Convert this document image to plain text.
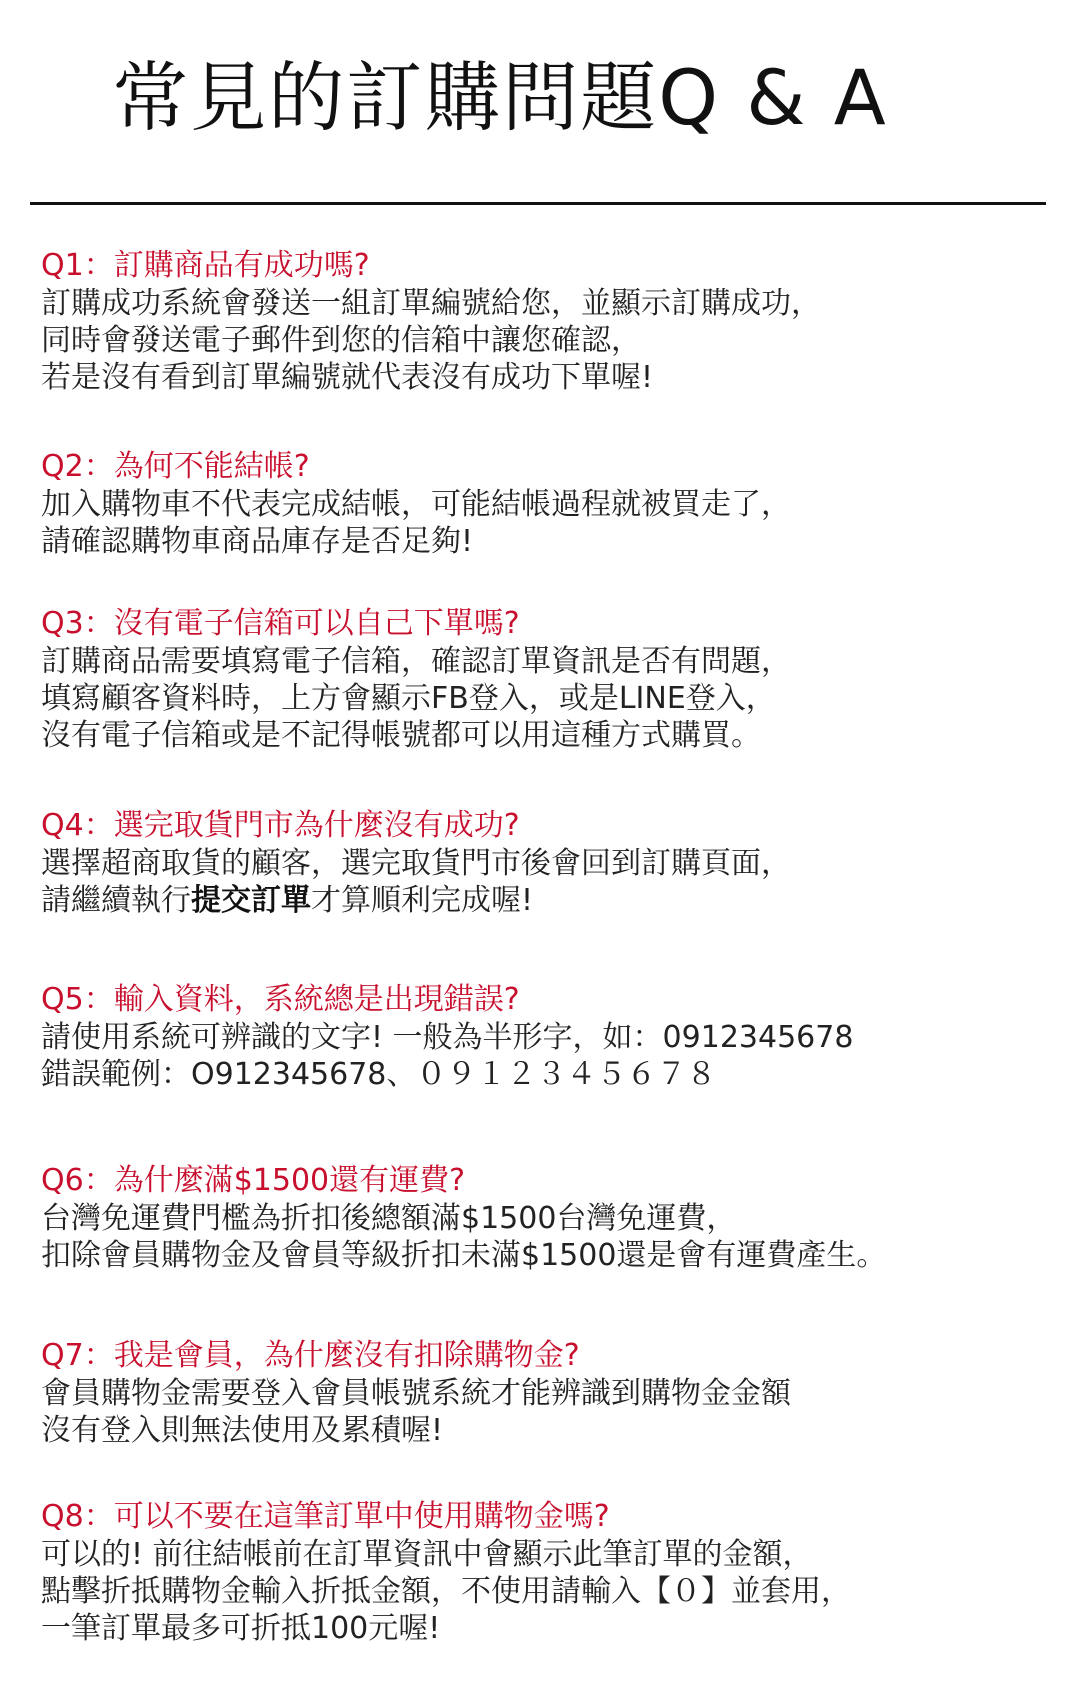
常見的訂購問題Q & A
Q1：訂購商品有成功嗎?
訂購成功系統會發送一組訂單編號給您，並顯示訂購成功，
同時會發送電子郵件到您的信箱中讓您確認，
若是沒有看到訂單編號就代表沒有成功下單喔!
Q2：為何不能結帳?
加入購物車不代表完成結帳，可能結帳過程就被買走了，
請確認購物車商品庫存是否足夠!
Q3：沒有電子信箱可以自己下單嗎?
訂購商品需要填寫電子信箱，確認訂單資訊是否有問題，
填寫顧客資料時，上方會顯示FB登入，或是LINE登入，
沒有電子信箱或是不記得帳號都可以用這種方式購買。
Q4：選完取貨門市為什麼沒有成功?
選擇超商取貨的顧客，選完取貨門市後會回到訂購頁面，
請繼續執行提交訂單才算順利完成喔!
Q5：輸入資料，系統總是出現錯誤?
請使用系統可辨識的文字! 一般為半形字，如：0912345678
錯誤範例：O912345678、０９１２３４５６７８
Q6：為什麼滿$1500還有運費?
台灣免運費門檻為折扣後總額滿$1500台灣免運費，
扣除會員購物金及會員等級折扣未滿$1500還是會有運費產生。
Q7：我是會員，為什麼沒有扣除購物金?
會員購物金需要登入會員帳號系統才能辨識到購物金金額
沒有登入則無法使用及累積喔!
Q8：可以不要在這筆訂單中使用購物金嗎?
可以的! 前往結帳前在訂單資訊中會顯示此筆訂單的金額，
點擊折抵購物金輸入折抵金額，不使用請輸入【０】並套用，
一筆訂單最多可折抵100元喔!
